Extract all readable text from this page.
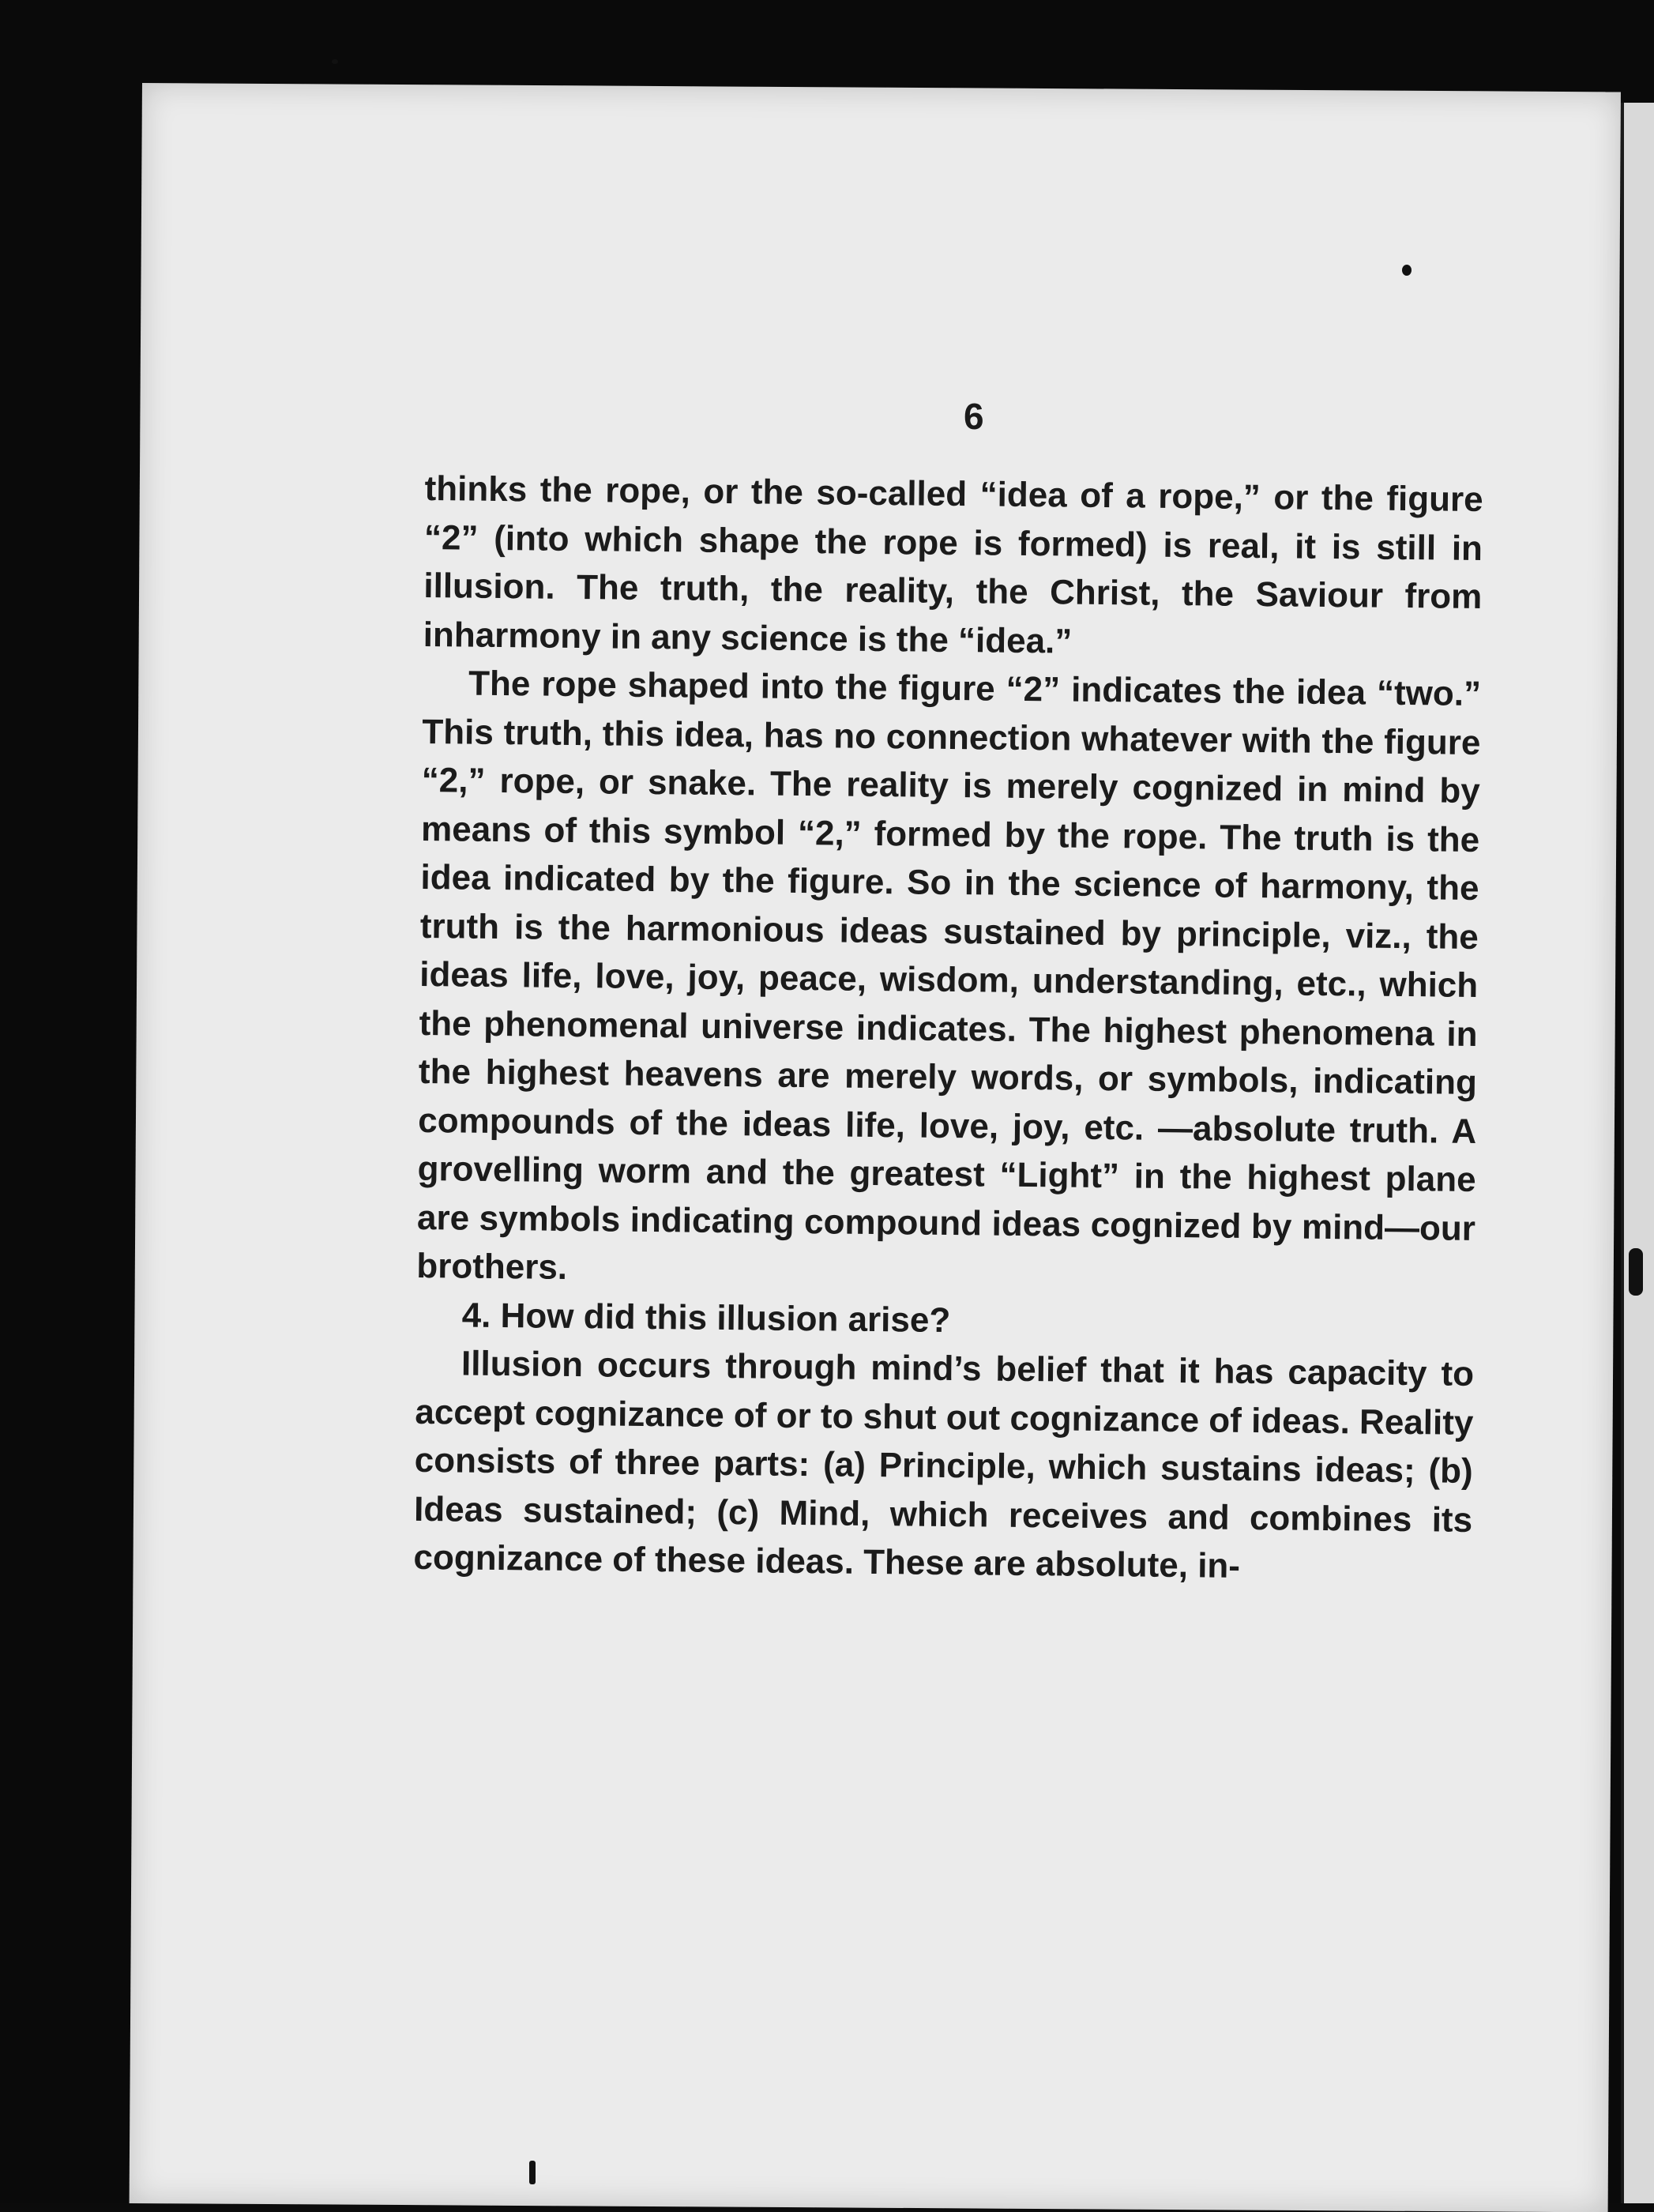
6

thinks the rope, or the so-called “idea of a rope,” or the figure “2” (into which shape the rope is formed) is real, it is still in illusion. The truth, the reality, the Christ, the Saviour from inharmony in any science is the “idea.”

The rope shaped into the figure “2” indicates the idea “two.” This truth, this idea, has no connection whatever with the figure “2,” rope, or snake. The reality is merely cognized in mind by means of this symbol “2,” formed by the rope. The truth is the idea indicated by the figure. So in the science of harmony, the truth is the harmonious ideas sustained by principle, viz., the ideas life, love, joy, peace, wisdom, understanding, etc., which the phenomenal universe indicates. The highest phenomena in the highest heavens are merely words, or symbols, indicating compounds of the ideas life, love, joy, etc. —absolute truth. A grovelling worm and the greatest “Light” in the highest plane are symbols indicating compound ideas cognized by mind—our brothers.

4. How did this illusion arise?

Illusion occurs through mind’s belief that it has capacity to accept cognizance of or to shut out cognizance of ideas. Reality consists of three parts: (a) Principle, which sustains ideas; (b) Ideas sustained; (c) Mind, which receives and combines its cognizance of these ideas. These are absolute, in-
